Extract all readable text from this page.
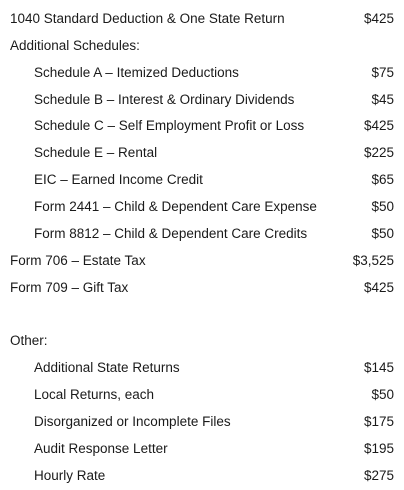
1040 Standard Deduction & One State Return	$425
Additional Schedules:
Schedule A – Itemized Deductions	$75
Schedule B – Interest & Ordinary Dividends	$45
Schedule C – Self Employment Profit or Loss	$425
Schedule E – Rental	$225
EIC – Earned Income Credit	$65
Form 2441 – Child & Dependent Care Expense	$50
Form 8812 – Child & Dependent Care Credits	$50
Form 706 – Estate Tax	$3,525
Form 709 – Gift Tax	$425
Other:
Additional State Returns	$145
Local Returns, each	$50
Disorganized or Incomplete Files	$175
Audit Response Letter	$195
Hourly Rate	$275
